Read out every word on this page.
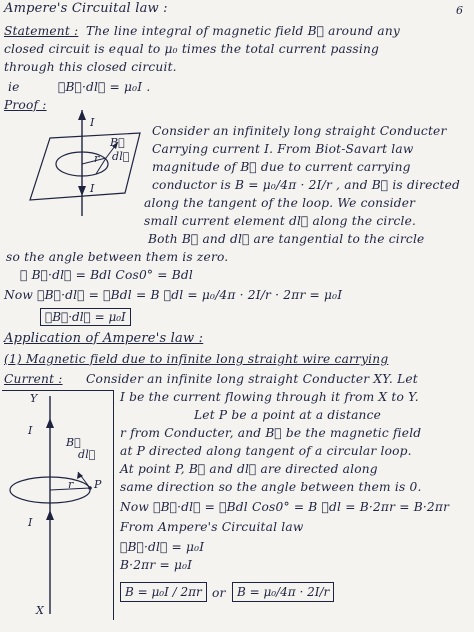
6
Ampere's Circuital law :
Statement : The line integral of magnetic field B⃗ around any
closed circuit is equal to μ₀ times the total current passing
through this closed circuit.
ie	∮B⃗·dl⃗ = μ₀I .
Proof :
I
I
B⃗
dl⃗
r
Consider an infinitely long straight Conducter
Carrying current I. From Biot-Savart law
magnitude of B⃗ due to current carrying
conductor is B = μ₀/4π · 2I/r , and B⃗ is directed
along the tangent of the loop. We consider
small current element dl⃗ along the circle.
Both B⃗ and dl⃗ are tangential to the circle
so the angle between them is zero.
∴ B⃗·dl⃗ = Bdl Cos0° = Bdl
Now ∮B⃗·dl⃗ = ∮Bdl = B ∮dl = μ₀/4π · 2I/r · 2πr = μ₀I
∮B⃗·dl⃗ = μ₀I
Application of Ampere's law :
(1) Magnetic field due to infinite long straight wire carrying
Current : Consider an infinite long straight Conducter XY. Let
Y
X
I
I
B⃗
dl⃗
r P
I be the current flowing through it from X to Y.
Let P be a point at a distance
r from Conducter, and B⃗ be the magnetic field
at P directed along tangent of a circular loop.
At point P, B⃗ and dl⃗ are directed along
same direction so the angle between them is 0.
Now ∮B⃗·dl⃗ = ∮Bdl Cos0° = B ∮dl = B·2πr = B·2πr
From Ampere's Circuital law
∮B⃗·dl⃗ = μ₀I
B·2πr = μ₀I
B = μ₀I / 2πr or B = μ₀/4π · 2I/r
